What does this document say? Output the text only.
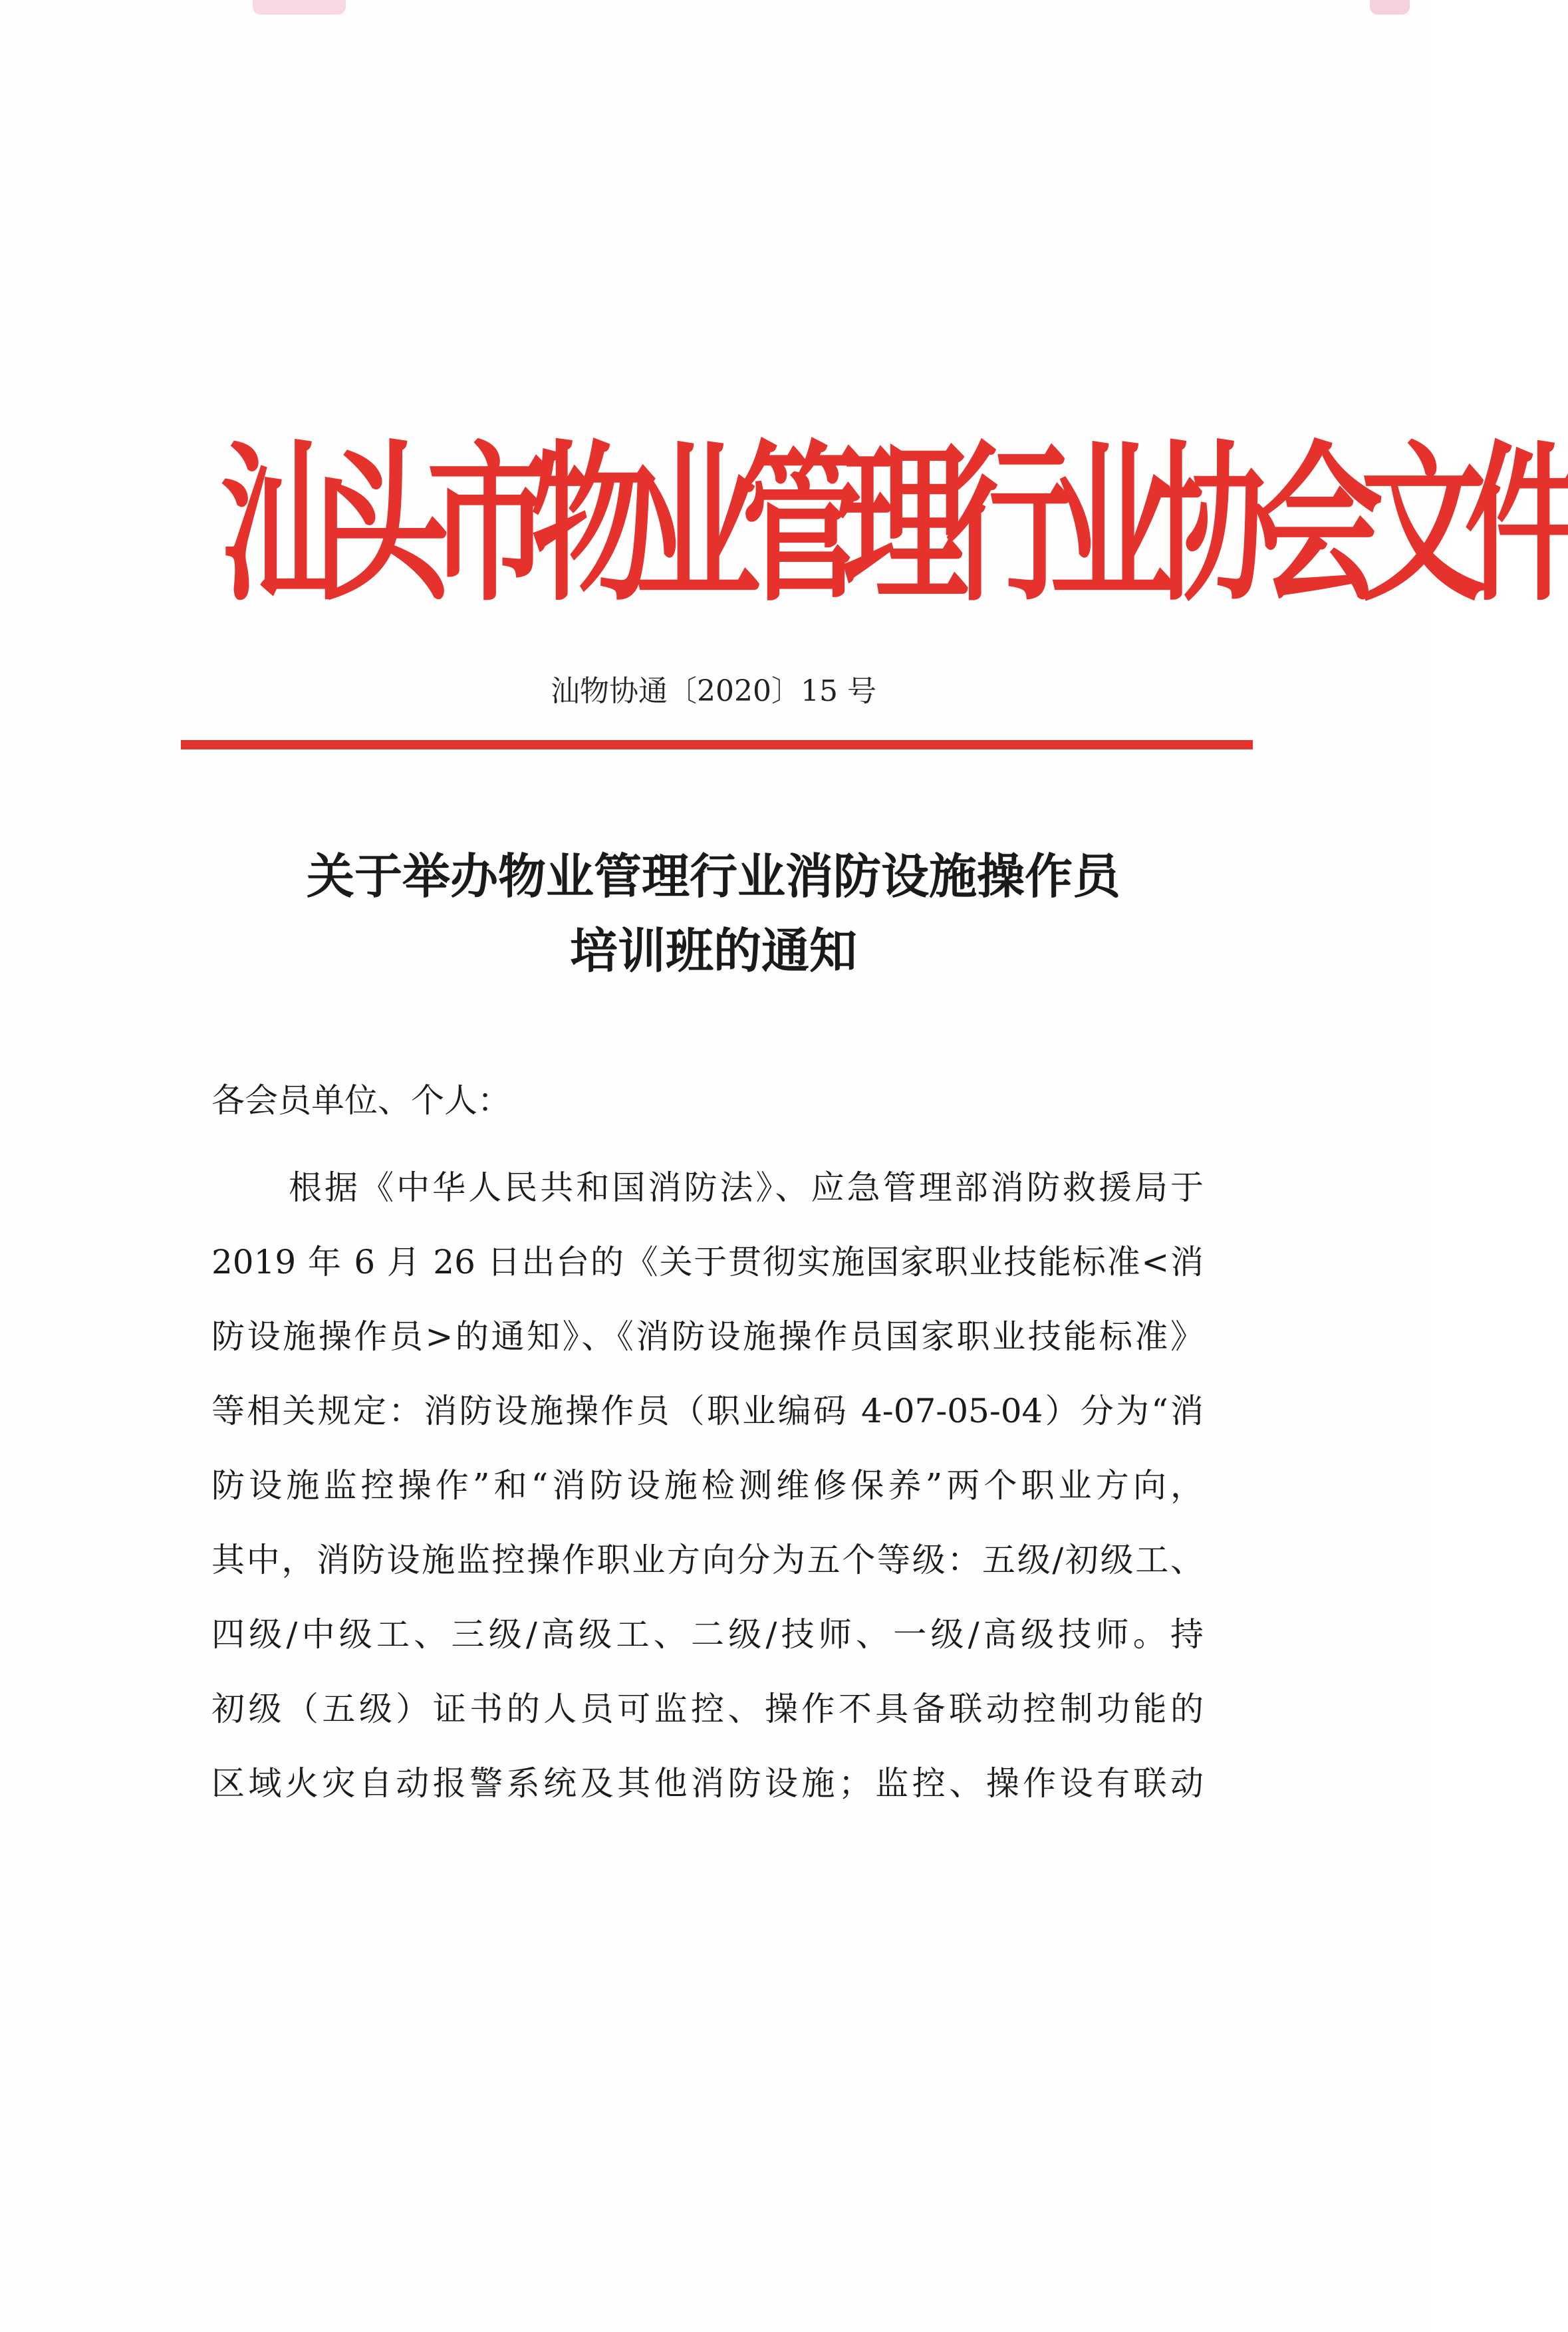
汕头市物业管理行业协会文件
汕物协通〔2020〕15 号
关于举办物业管理行业消防设施操作员
培训班的通知

各会员单位、个人：

根据《中华人民共和国消防法》、应急管理部消防救援局于
2019 年 6 月 26 日出台的《关于贯彻实施国家职业技能标准<消
防设施操作员>的通知》、《消防设施操作员国家职业技能标准》
等相关规定：消防设施操作员（职业编码 4-07-05-04）分为“消
防设施监控操作”和“消防设施检测维修保养”两个职业方向，
其中，消防设施监控操作职业方向分为五个等级：五级/初级工、
四级/中级工、三级/高级工、二级/技师、一级/高级技师。持
初级（五级）证书的人员可监控、操作不具备联动控制功能的
区域火灾自动报警系统及其他消防设施；监控、操作设有联动
